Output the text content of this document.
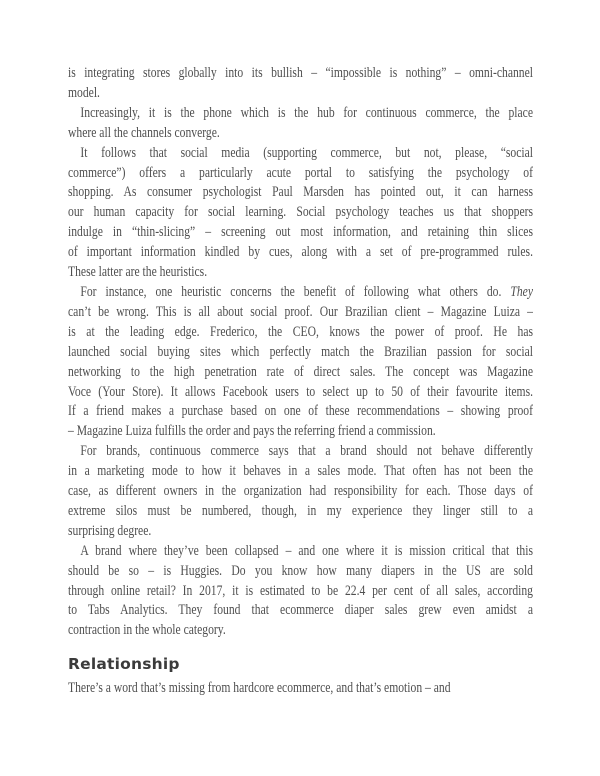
is integrating stores globally into its bullish – “impossible is nothing” – omni-channel
model.
Increasingly, it is the phone which is the hub for continuous commerce, the place
where all the channels converge.
It follows that social media (supporting commerce, but not, please, “social
commerce”) offers a particularly acute portal to satisfying the psychology of
shopping. As consumer psychologist Paul Marsden has pointed out, it can harness
our human capacity for social learning. Social psychology teaches us that shoppers
indulge in “thin-slicing” – screening out most information, and retaining thin slices
of important information kindled by cues, along with a set of pre-programmed rules.
These latter are the heuristics.
For instance, one heuristic concerns the benefit of following what others do. They
can’t be wrong. This is all about social proof. Our Brazilian client – Magazine Luiza –
is at the leading edge. Frederico, the CEO, knows the power of proof. He has
launched social buying sites which perfectly match the Brazilian passion for social
networking to the high penetration rate of direct sales. The concept was Magazine
Voce (Your Store). It allows Facebook users to select up to 50 of their favourite items.
If a friend makes a purchase based on one of these recommendations – showing proof
– Magazine Luiza fulfills the order and pays the referring friend a commission.
For brands, continuous commerce says that a brand should not behave differently
in a marketing mode to how it behaves in a sales mode. That often has not been the
case, as different owners in the organization had responsibility for each. Those days of
extreme silos must be numbered, though, in my experience they linger still to a
surprising degree.
A brand where they’ve been collapsed – and one where it is mission critical that this
should be so – is Huggies. Do you know how many diapers in the US are sold
through online retail? In 2017, it is estimated to be 22.4 per cent of all sales, according
to Tabs Analytics. They found that ecommerce diaper sales grew even amidst a
contraction in the whole category.
Relationship
There’s a word that’s missing from hardcore ecommerce, and that’s emotion – and
